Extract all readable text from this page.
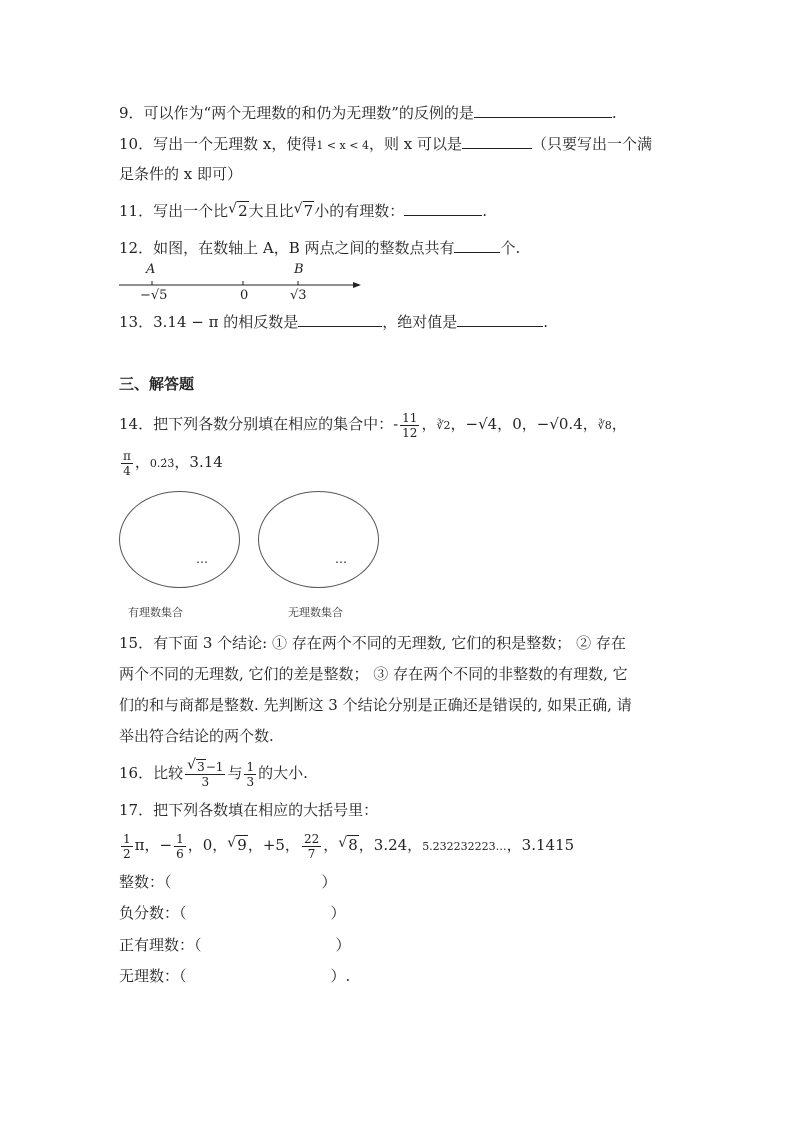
9．可以作为“两个无理数的和仍为无理数”的反例的是	.
10．写出一个无理数 x，使得1 < x < 4，则 x 可以是	（只要写出一个满
足条件的 x 即可）
11．写出一个比 √ 2大且比 √ 7小的有理数：	.
12．如图，在数轴上 A，B 两点之间的整数点共有	个.
A	B
−√5	0	√3
13．3.14 − π 的相反数是	，绝对值是	.
三、解答题
14．把下列各数分别填在相应的集合中：- $\frac{11}{12}$ ，∛2，−√4，0，−√0.4，∛8，
$\frac{\pi}{4}$ ，0.2̇3̇，3.14
…	…
有理数集合	无理数集合
15．有下面 3 个结论: ① 存在两个不同的无理数, 它们的积是整数； ② 存在
两个不同的无理数, 它们的差是整数； ③ 存在两个不同的非整数的有理数, 它
们的和与商都是整数. 先判断这 3 个结论分别是正确还是错误的, 如果正确, 请
举出符合结论的两个数.
16．比较 $\frac{√ 3-1}{3}$ 与 $\frac{1}{3}$ 的大小.
17．把下列各数填在相应的大括号里：
$\frac{1}{2}$ π，− $\frac{1}{6}$ ，0， √ 9，+5， $\frac{22}{7}$ ， √ 8，3.24，5.232232223…，3.1415
整数：（	）
负分数：（	）
正有理数：（	）
无理数：（	）.
